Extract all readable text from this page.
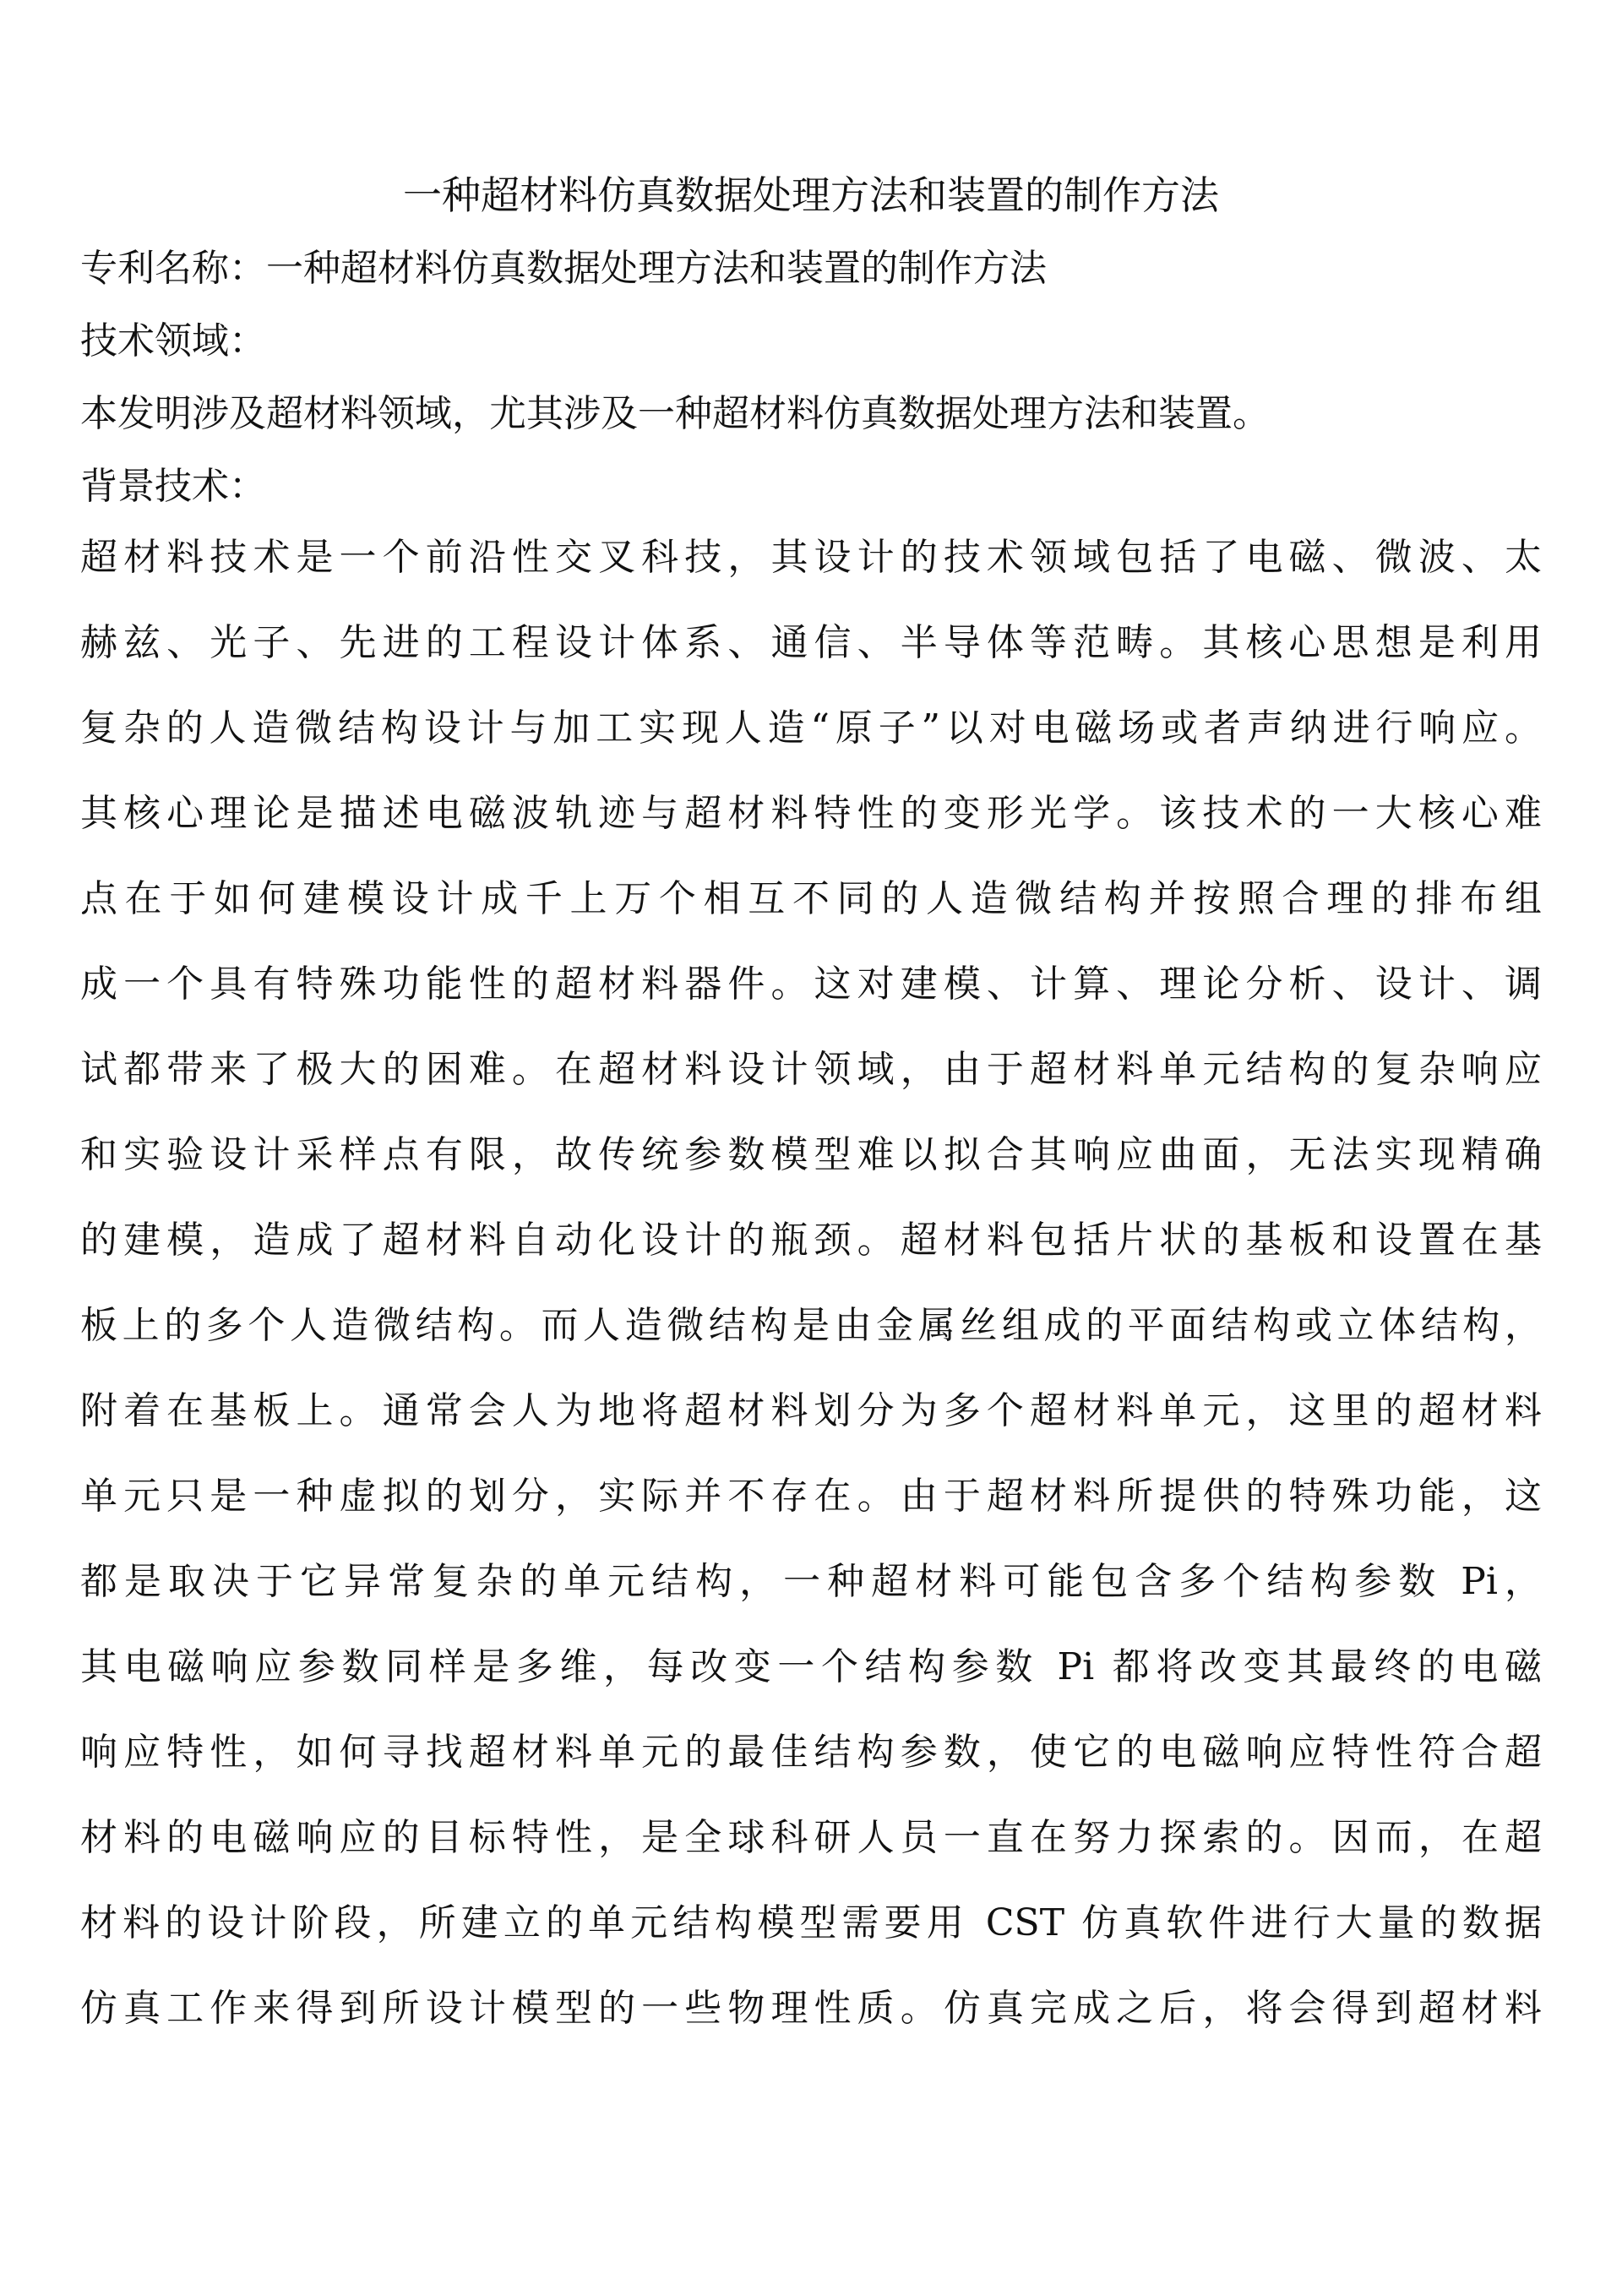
一种超材料仿真数据处理方法和装置的制作方法
专利名称：一种超材料仿真数据处理方法和装置的制作方法
技术领域：
本发明涉及超材料领域，尤其涉及一种超材料仿真数据处理方法和装置。
背景技术：
超材料技术是一个前沿性交叉科技，其设计的技术领域包括了电磁、微波、太
赫兹、光子、先进的工程设计体系、通信、半导体等范畴。其核心思想是利用
复杂的人造微结构设计与加工实现人造“原子”以对电磁场或者声纳进行响应。
其核心理论是描述电磁波轨迹与超材料特性的变形光学。该技术的一大核心难
点在于如何建模设计成千上万个相互不同的人造微结构并按照合理的排布组
成一个具有特殊功能性的超材料器件。这对建模、计算、理论分析、设计、调
试都带来了极大的困难。在超材料设计领域，由于超材料单元结构的复杂响应
和实验设计采样点有限，故传统参数模型难以拟合其响应曲面，无法实现精确
的建模，造成了超材料自动化设计的瓶颈。超材料包括片状的基板和设置在基
板上的多个人造微结构。而人造微结构是由金属丝组成的平面结构或立体结构，
附着在基板上。通常会人为地将超材料划分为多个超材料单元，这里的超材料
单元只是一种虚拟的划分，实际并不存在。由于超材料所提供的特殊功能，这
都是取决于它异常复杂的单元结构，一种超材料可能包含多个结构参数 Pi，
其电磁响应参数同样是多维，每改变一个结构参数 Pi 都将改变其最终的电磁
响应特性，如何寻找超材料单元的最佳结构参数，使它的电磁响应特性符合超
材料的电磁响应的目标特性，是全球科研人员一直在努力探索的。因而，在超
材料的设计阶段，所建立的单元结构模型需要用 CST 仿真软件进行大量的数据
仿真工作来得到所设计模型的一些物理性质。仿真完成之后，将会得到超材料
